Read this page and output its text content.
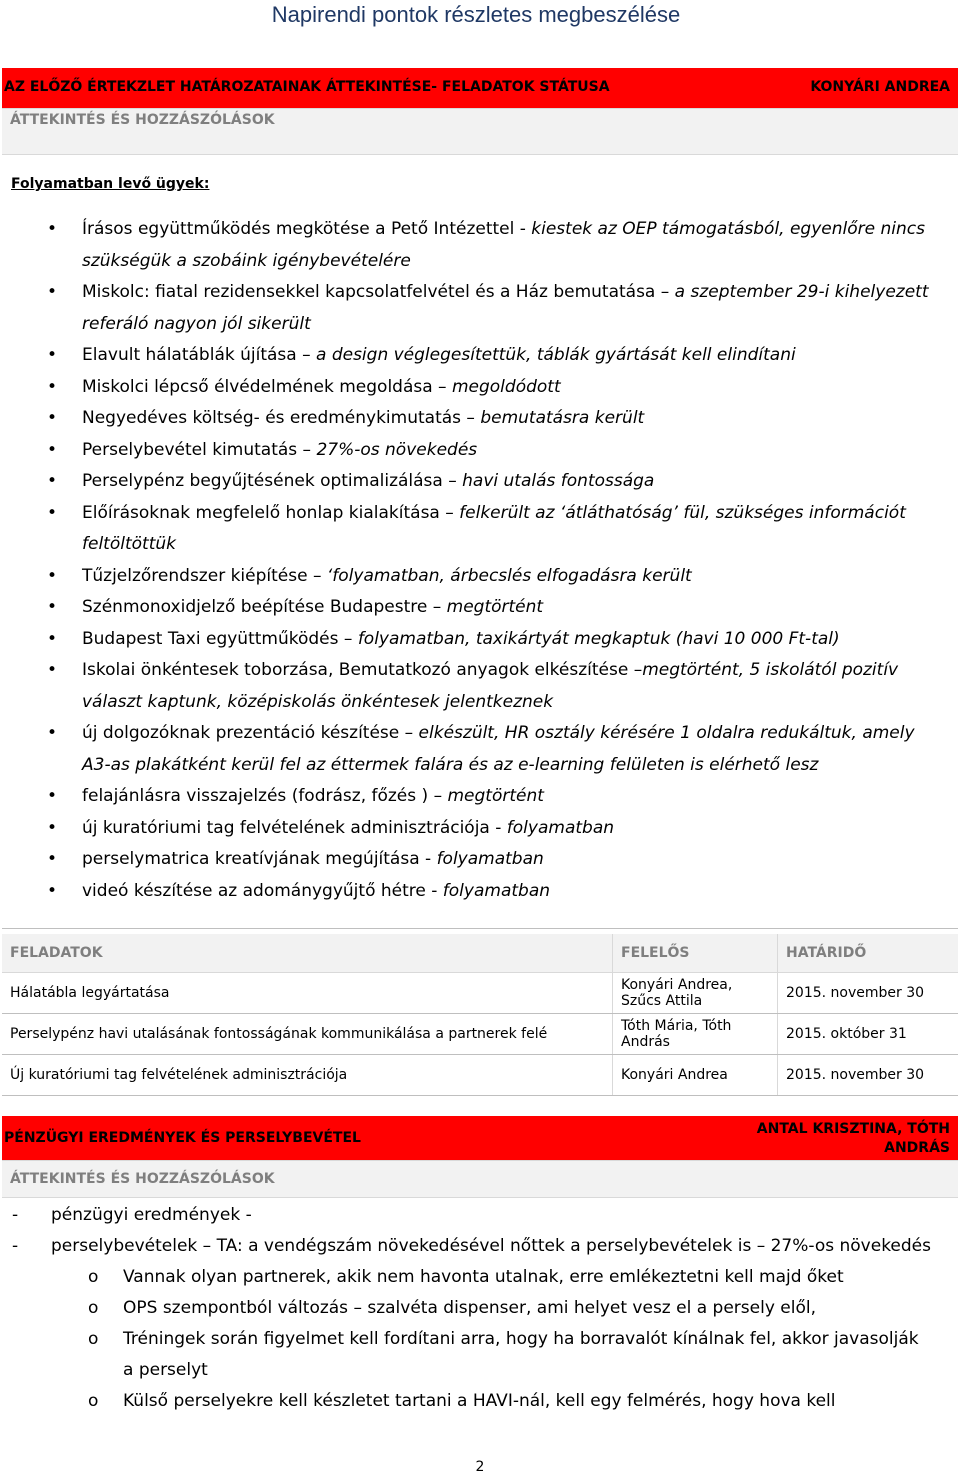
Napirendi pontok részletes megbeszélése
AZ ELŐZŐ ÉRTEKZLET HATÁROZATAINAK ÁTTEKINTÉSE- FELADATOK STÁTUSA	KONYÁRI ANDREA
ÁTTEKINTÉS ÉS HOZZÁSZÓLÁSOK
Folyamatban levő ügyek:
• Írásos együttműködés megkötése a Pető Intézettel - kiestek az OEP támogatásból, egyenlőre nincs szükségük a szobáink igénybevételére
• Miskolc: fiatal rezidensekkel kapcsolatfelvétel és a Ház bemutatása – a szeptember 29-i kihelyezett referáló nagyon jól sikerült
• Elavult hálatáblák újítása – a design véglegesítettük, táblák gyártását kell elindítani
• Miskolci lépcső élvédelmének megoldása – megoldódott
• Negyedéves költség- és eredménykimutatás – bemutatásra került
• Perselybevétel kimutatás – 27%-os növekedés
• Perselypénz begyűjtésének optimalizálása – havi utalás fontossága
• Előírásoknak megfelelő honlap kialakítása – felkerült az ‘átláthatóság’ fül, szükséges információt feltöltöttük
• Tűzjelzőrendszer kiépítése – ‘folyamatban, árbecslés elfogadásra került
• Szénmonoxidjelző beépítése Budapestre – megtörtént
• Budapest Taxi együttműködés – folyamatban, taxikártyát megkaptuk (havi 10 000 Ft-tal)
• Iskolai önkéntesek toborzása, Bemutatkozó anyagok elkészítése –megtörtént, 5 iskolától pozitív választ kaptunk, középiskolás önkéntesek jelentkeznek
• új dolgozóknak prezentáció készítése – elkészült, HR osztály kérésére 1 oldalra redukáltuk, amely A3-as plakátként kerül fel az éttermek falára és az e-learning felületen is elérhető lesz
• felajánlásra visszajelzés (fodrász, főzés ) – megtörtént
• új kuratóriumi tag felvételének adminisztrációja - folyamatban
• perselymatrica kreatívjának megújítása - folyamatban
• videó készítése az adománygyűjtő hétre - folyamatban
FELADATOK	FELELŐS	HATÁRIDŐ
Hálatábla legyártatása	Konyári Andrea, Szűcs Attila	2015. november 30
Perselypénz havi utalásának fontosságának kommunikálása a partnerek felé	Tóth Mária, Tóth András	2015. október 31
Új kuratóriumi tag felvételének adminisztrációja	Konyári Andrea	2015. november 30
PÉNZÜGYI EREDMÉNYEK ÉS PERSELYBEVÉTEL
ANTAL KRISZTINA, TÓTH ANDRÁS
ÁTTEKINTÉS ÉS HOZZÁSZÓLÁSOK
- pénzügyi eredmények -
- perselybevételek – TA: a vendégszám növekedésével nőttek a perselybevételek is – 27%-os növekedés
o Vannak olyan partnerek, akik nem havonta utalnak, erre emlékeztetni kell majd őket
o OPS szempontból változás – szalvéta dispenser, ami helyet vesz el a persely elől,
o Tréningek során figyelmet kell fordítani arra, hogy ha borravalót kínálnak fel, akkor javasolják a perselyt
o Külső perselyekre kell készletet tartani a HAVI-nál, kell egy felmérés, hogy hova kell
2
